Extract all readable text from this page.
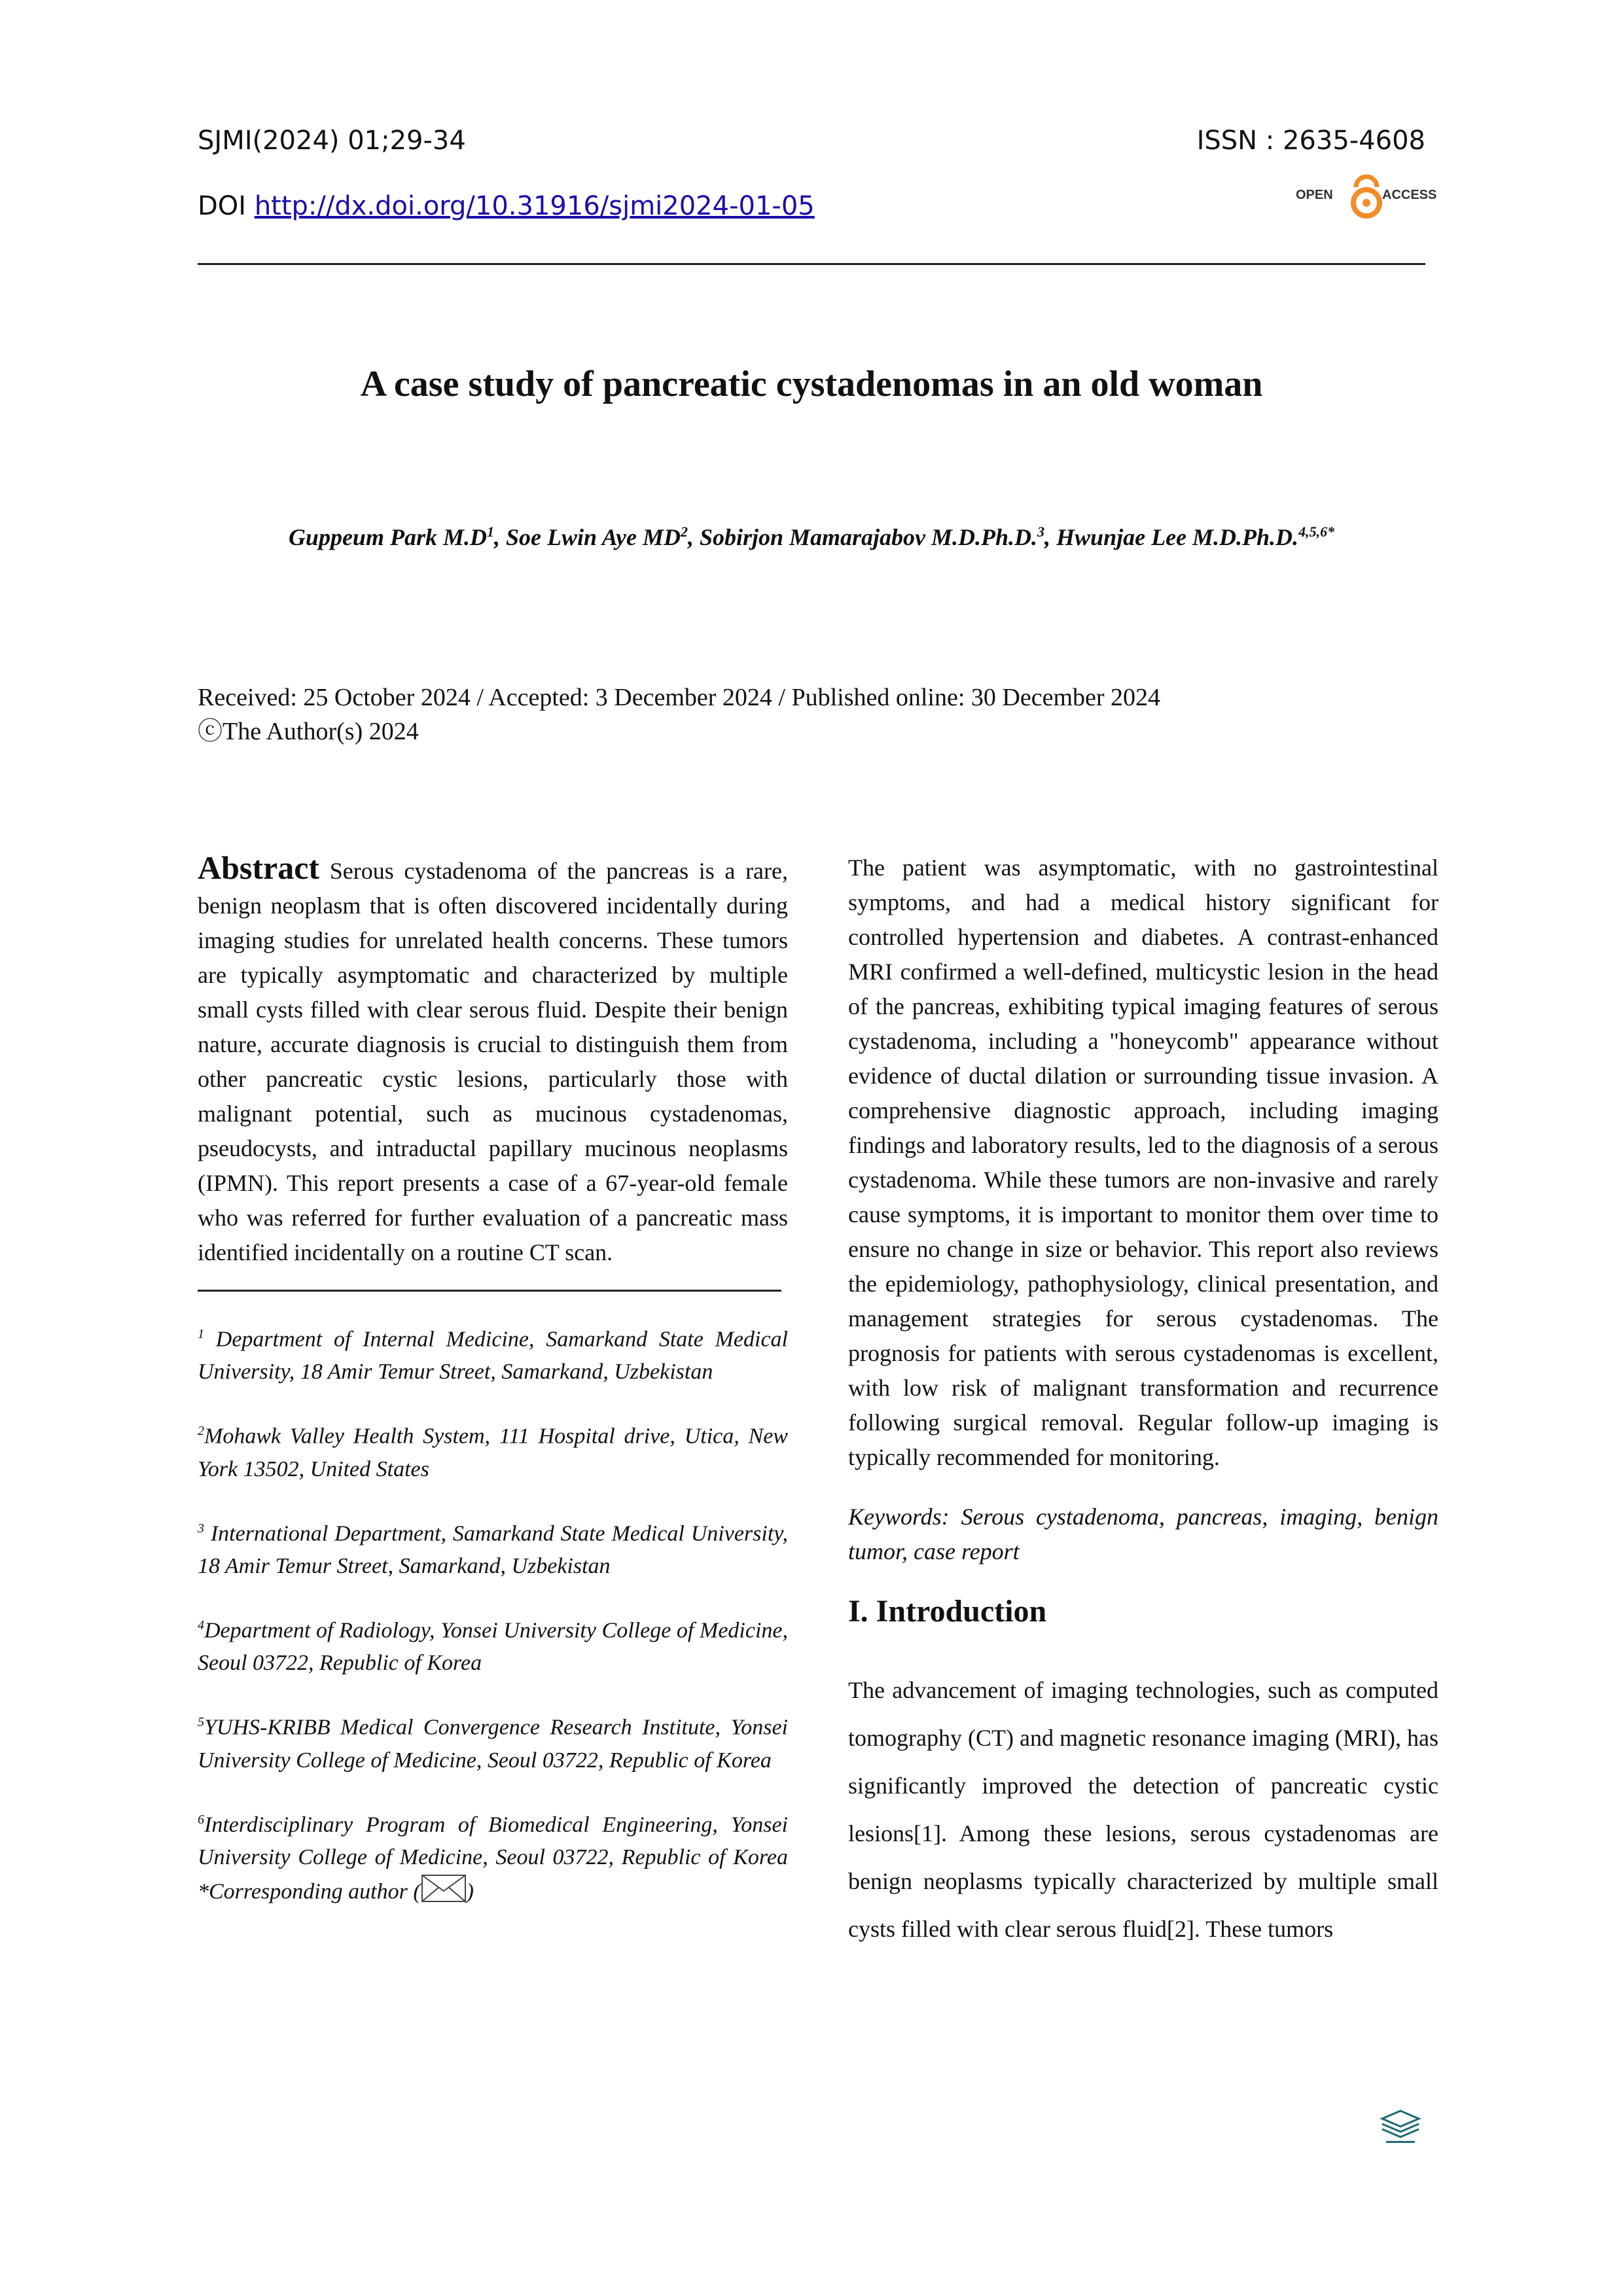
SJMI(2024) 01;29-34	ISSN : 2635-4608
DOI http://dx.doi.org/10.31916/sjmi2024-01-05	OPEN	ACCESS
A case study of pancreatic cystadenomas in an old woman
Guppeum Park $M.D^1$, Soe Lwin Aye $MD^2$, Sobirjon Mamarajabov M.D.Ph.D.$^3$, Hwunjae Lee M.D.Ph.D.$^{4,5,6*}$
Received: 25 October 2024 / Accepted: 3 December 2024 / Published online: 30 December 2024
ⓒThe Author(s) 2024

Abstract Serous cystadenoma of the pancreas is a rare, benign neoplasm that is often discovered incidentally during imaging studies for unrelated health concerns. These tumors are typically asymptomatic and characterized by multiple small cysts filled with clear serous fluid. Despite their benign nature, accurate diagnosis is crucial to distinguish them from other pancreatic cystic lesions, particularly those with malignant potential, such as mucinous cystadenomas, pseudocysts, and intraductal papillary mucinous neoplasms (IPMN). This report presents a case of a 67-year-old female who was referred for further evaluation of a pancreatic mass identified incidentally on a routine CT scan.

$^1$ Department of Internal Medicine, Samarkand State Medical University, 18 Amir Temur Street, Samarkand, Uzbekistan

$^2$Mohawk Valley Health System, 111 Hospital drive, Utica, New York 13502, United States

$^3$ International Department, Samarkand State Medical University, 18 Amir Temur Street, Samarkand, Uzbekistan

$^4$Department of Radiology, Yonsei University College of Medicine, Seoul 03722, Republic of Korea

$^5$YUHS-KRIBB Medical Convergence Research Institute, Yonsei University College of Medicine, Seoul 03722, Republic of Korea

$^6$Interdisciplinary Program of Biomedical Engineering, Yonsei University College of Medicine, Seoul 03722, Republic of Korea *Corresponding author ( )

The patient was asymptomatic, with no gastrointestinal symptoms, and had a medical history significant for controlled hypertension and diabetes. A contrast-enhanced MRI confirmed a well-defined, multicystic lesion in the head of the pancreas, exhibiting typical imaging features of serous cystadenoma, including a "honeycomb" appearance without evidence of ductal dilation or surrounding tissue invasion. A comprehensive diagnostic approach, including imaging findings and laboratory results, led to the diagnosis of a serous cystadenoma. While these tumors are non-invasive and rarely cause symptoms, it is important to monitor them over time to ensure no change in size or behavior. This report also reviews the epidemiology, pathophysiology, clinical presentation, and management strategies for serous cystadenomas. The prognosis for patients with serous cystadenomas is excellent, with low risk of malignant transformation and recurrence following surgical removal. Regular follow-up imaging is typically recommended for monitoring.

Keywords: Serous cystadenoma, pancreas, imaging, benign tumor, case report

I. Introduction

The advancement of imaging technologies, such as computed tomography (CT) and magnetic resonance imaging (MRI), has significantly improved the detection of pancreatic cystic lesions[1]. Among these lesions, serous cystadenomas are benign neoplasms typically characterized by multiple small cysts filled with clear serous fluid[2]. These tumors
